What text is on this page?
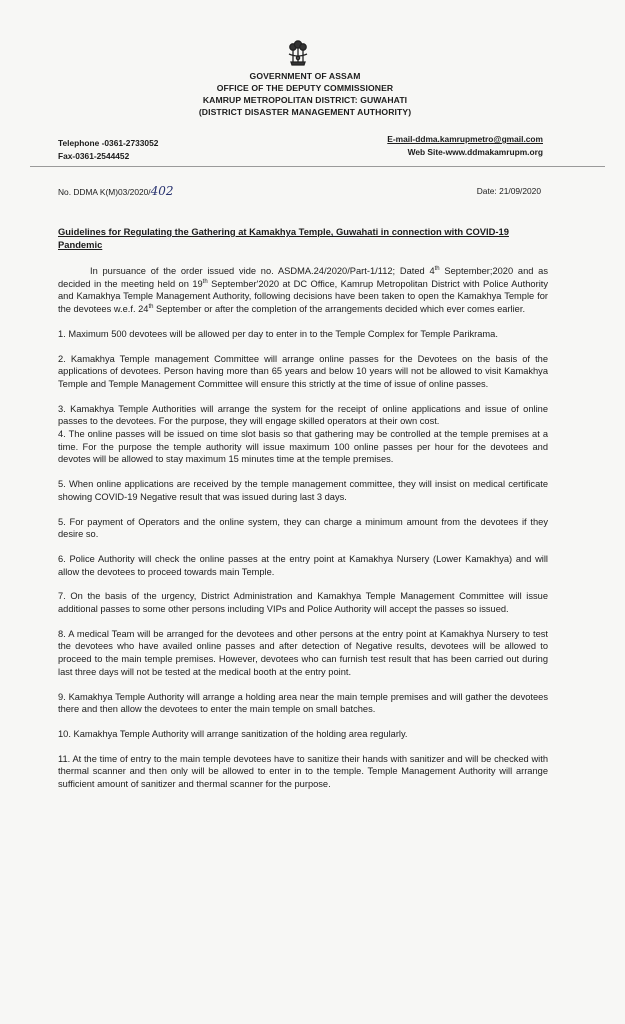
GOVERNMENT OF ASSAM
OFFICE OF THE DEPUTY COMMISSIONER
KAMRUP METROPOLITAN DISTRICT: GUWAHATI
(DISTRICT DISASTER MANAGEMENT AUTHORITY)
Telephone -0361-2733052
Fax-0361-2544452
E-mail-ddma.kamrupmetro@gmail.com
Web Site-www.ddmakamrupm.org
No. DDMA K(M)03/2020/402	Date: 21/09/2020
Guidelines for Regulating the Gathering at Kamakhya Temple, Guwahati in connection with COVID-19 Pandemic

In pursuance of the order issued vide no. ASDMA.24/2020/Part-1/112; Dated 4th September;2020 and as decided in the meeting held on 19th September'2020 at DC Office, Kamrup Metropolitan District with Police Authority and Kamakhya Temple Management Authority, following decisions have been taken to open the Kamakhya Temple for the devotees w.e.f. 24th September or after the completion of the arrangements decided which ever comes earlier.

1. Maximum 500 devotees will be allowed per day to enter in to the Temple Complex for Temple Parikrama.

2. Kamakhya Temple management Committee will arrange online passes for the Devotees on the basis of the applications of devotees. Person having more than 65 years and below 10 years will not be allowed to visit Kamakhya Temple and Temple Management Committee will ensure this strictly at the time of issue of online passes.

3. Kamakhya Temple Authorities will arrange the system for the receipt of online applications and issue of online passes to the devotees. For the purpose, they will engage skilled operators at their own cost.

4. The online passes will be issued on time slot basis so that gathering may be controlled at the temple premises at a time. For the purpose the temple authority will issue maximum 100 online passes per hour for the devotees and devotes will be allowed to stay maximum 15 minutes time at the temple premises.

5. When online applications are received by the temple management committee, they will insist on medical certificate showing COVID-19 Negative result that was issued during last 3 days.

5. For payment of Operators and the online system, they can charge a minimum amount from the devotees if they desire so.

6. Police Authority will check the online passes at the entry point at Kamakhya Nursery (Lower Kamakhya) and will allow the devotees to proceed towards main Temple.

7. On the basis of the urgency, District Administration and Kamakhya Temple Management Committee will issue additional passes to some other persons including VIPs and Police Authority will accept the passes so issued.

8. A medical Team will be arranged for the devotees and other persons at the entry point at Kamakhya Nursery to test the devotees who have availed online passes and after detection of Negative results, devotees will be allowed to proceed to the main temple premises. However, devotees who can furnish test result that has been carried out during last three days will not be tested at the medical booth at the entry point.

9. Kamakhya Temple Authority will arrange a holding area near the main temple premises and will gather the devotees there and then allow the devotees to enter the main temple on small batches.

10. Kamakhya Temple Authority will arrange sanitization of the holding area regularly.

11. At the time of entry to the main temple devotees have to sanitize their hands with sanitizer and will be checked with thermal scanner and then only will be allowed to enter in to the temple. Temple Management Authority will arrange sufficient amount of sanitizer and thermal scanner for the purpose.
